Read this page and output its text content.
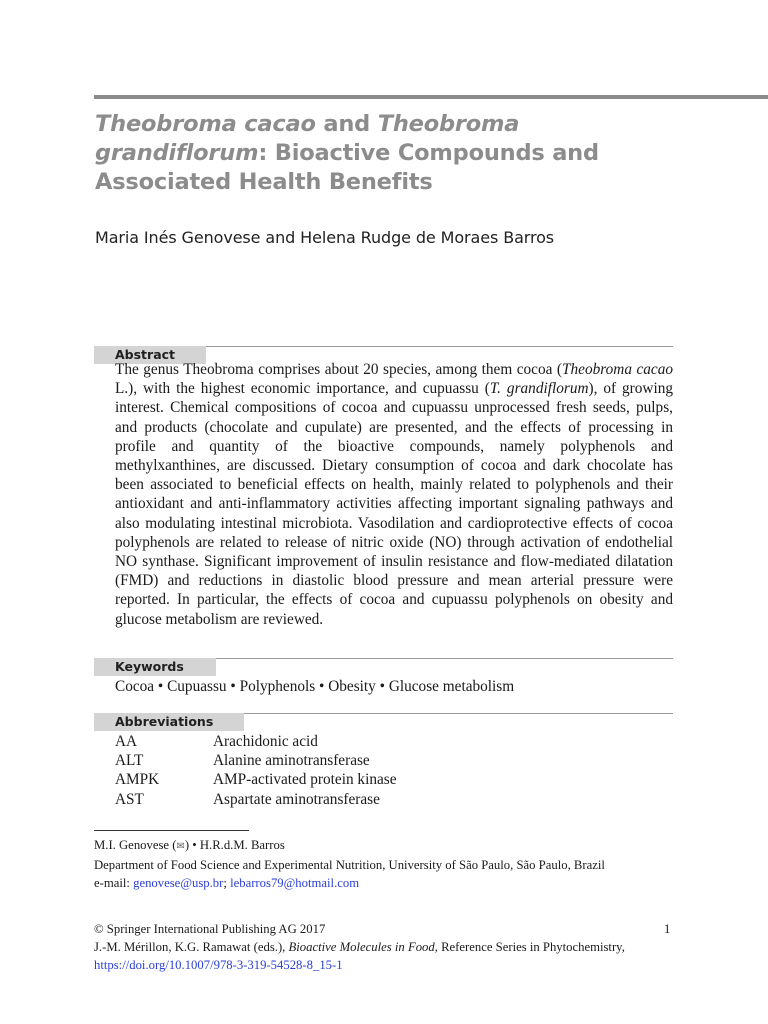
Theobroma cacao and Theobroma
grandiflorum: Bioactive Compounds and
Associated Health Benefits
Maria Inés Genovese and Helena Rudge de Moraes Barros
Abstract
The genus Theobroma comprises about 20 species, among them cocoa (Theobroma cacao L.), with the highest economic importance, and cupuassu (T. grandiflorum), of growing interest. Chemical compositions of cocoa and cupuassu unprocessed fresh seeds, pulps, and products (chocolate and cupulate) are presented, and the effects of processing in profile and quantity of the bioactive compounds, namely polyphenols and methylxanthines, are discussed. Dietary consumption of cocoa and dark chocolate has been associated to beneficial effects on health, mainly related to polyphenols and their antioxidant and anti-inflammatory activities affecting important signaling pathways and also modulating intestinal microbiota. Vasodilation and cardioprotective effects of cocoa polyphenols are related to release of nitric oxide (NO) through activation of endothelial NO synthase. Significant improvement of insulin resistance and flow-mediated dilatation (FMD) and reductions in diastolic blood pressure and mean arterial pressure were reported. In particular, the effects of cocoa and cupuassu polyphenols on obesity and glucose metabolism are reviewed.
Keywords
Cocoa • Cupuassu • Polyphenols • Obesity • Glucose metabolism
Abbreviations
AA	Arachidonic acid
ALT	Alanine aminotransferase
AMPK	AMP-activated protein kinase
AST	Aspartate aminotransferase
M.I. Genovese (✉) • H.R.d.M. Barros
Department of Food Science and Experimental Nutrition, University of São Paulo, São Paulo, Brazil
e-mail: genovese@usp.br; lebarros79@hotmail.com
© Springer International Publishing AG 2017
J.-M. Mérillon, K.G. Ramawat (eds.), Bioactive Molecules in Food, Reference Series in Phytochemistry, https://doi.org/10.1007/978-3-319-54528-8_15-1
1
